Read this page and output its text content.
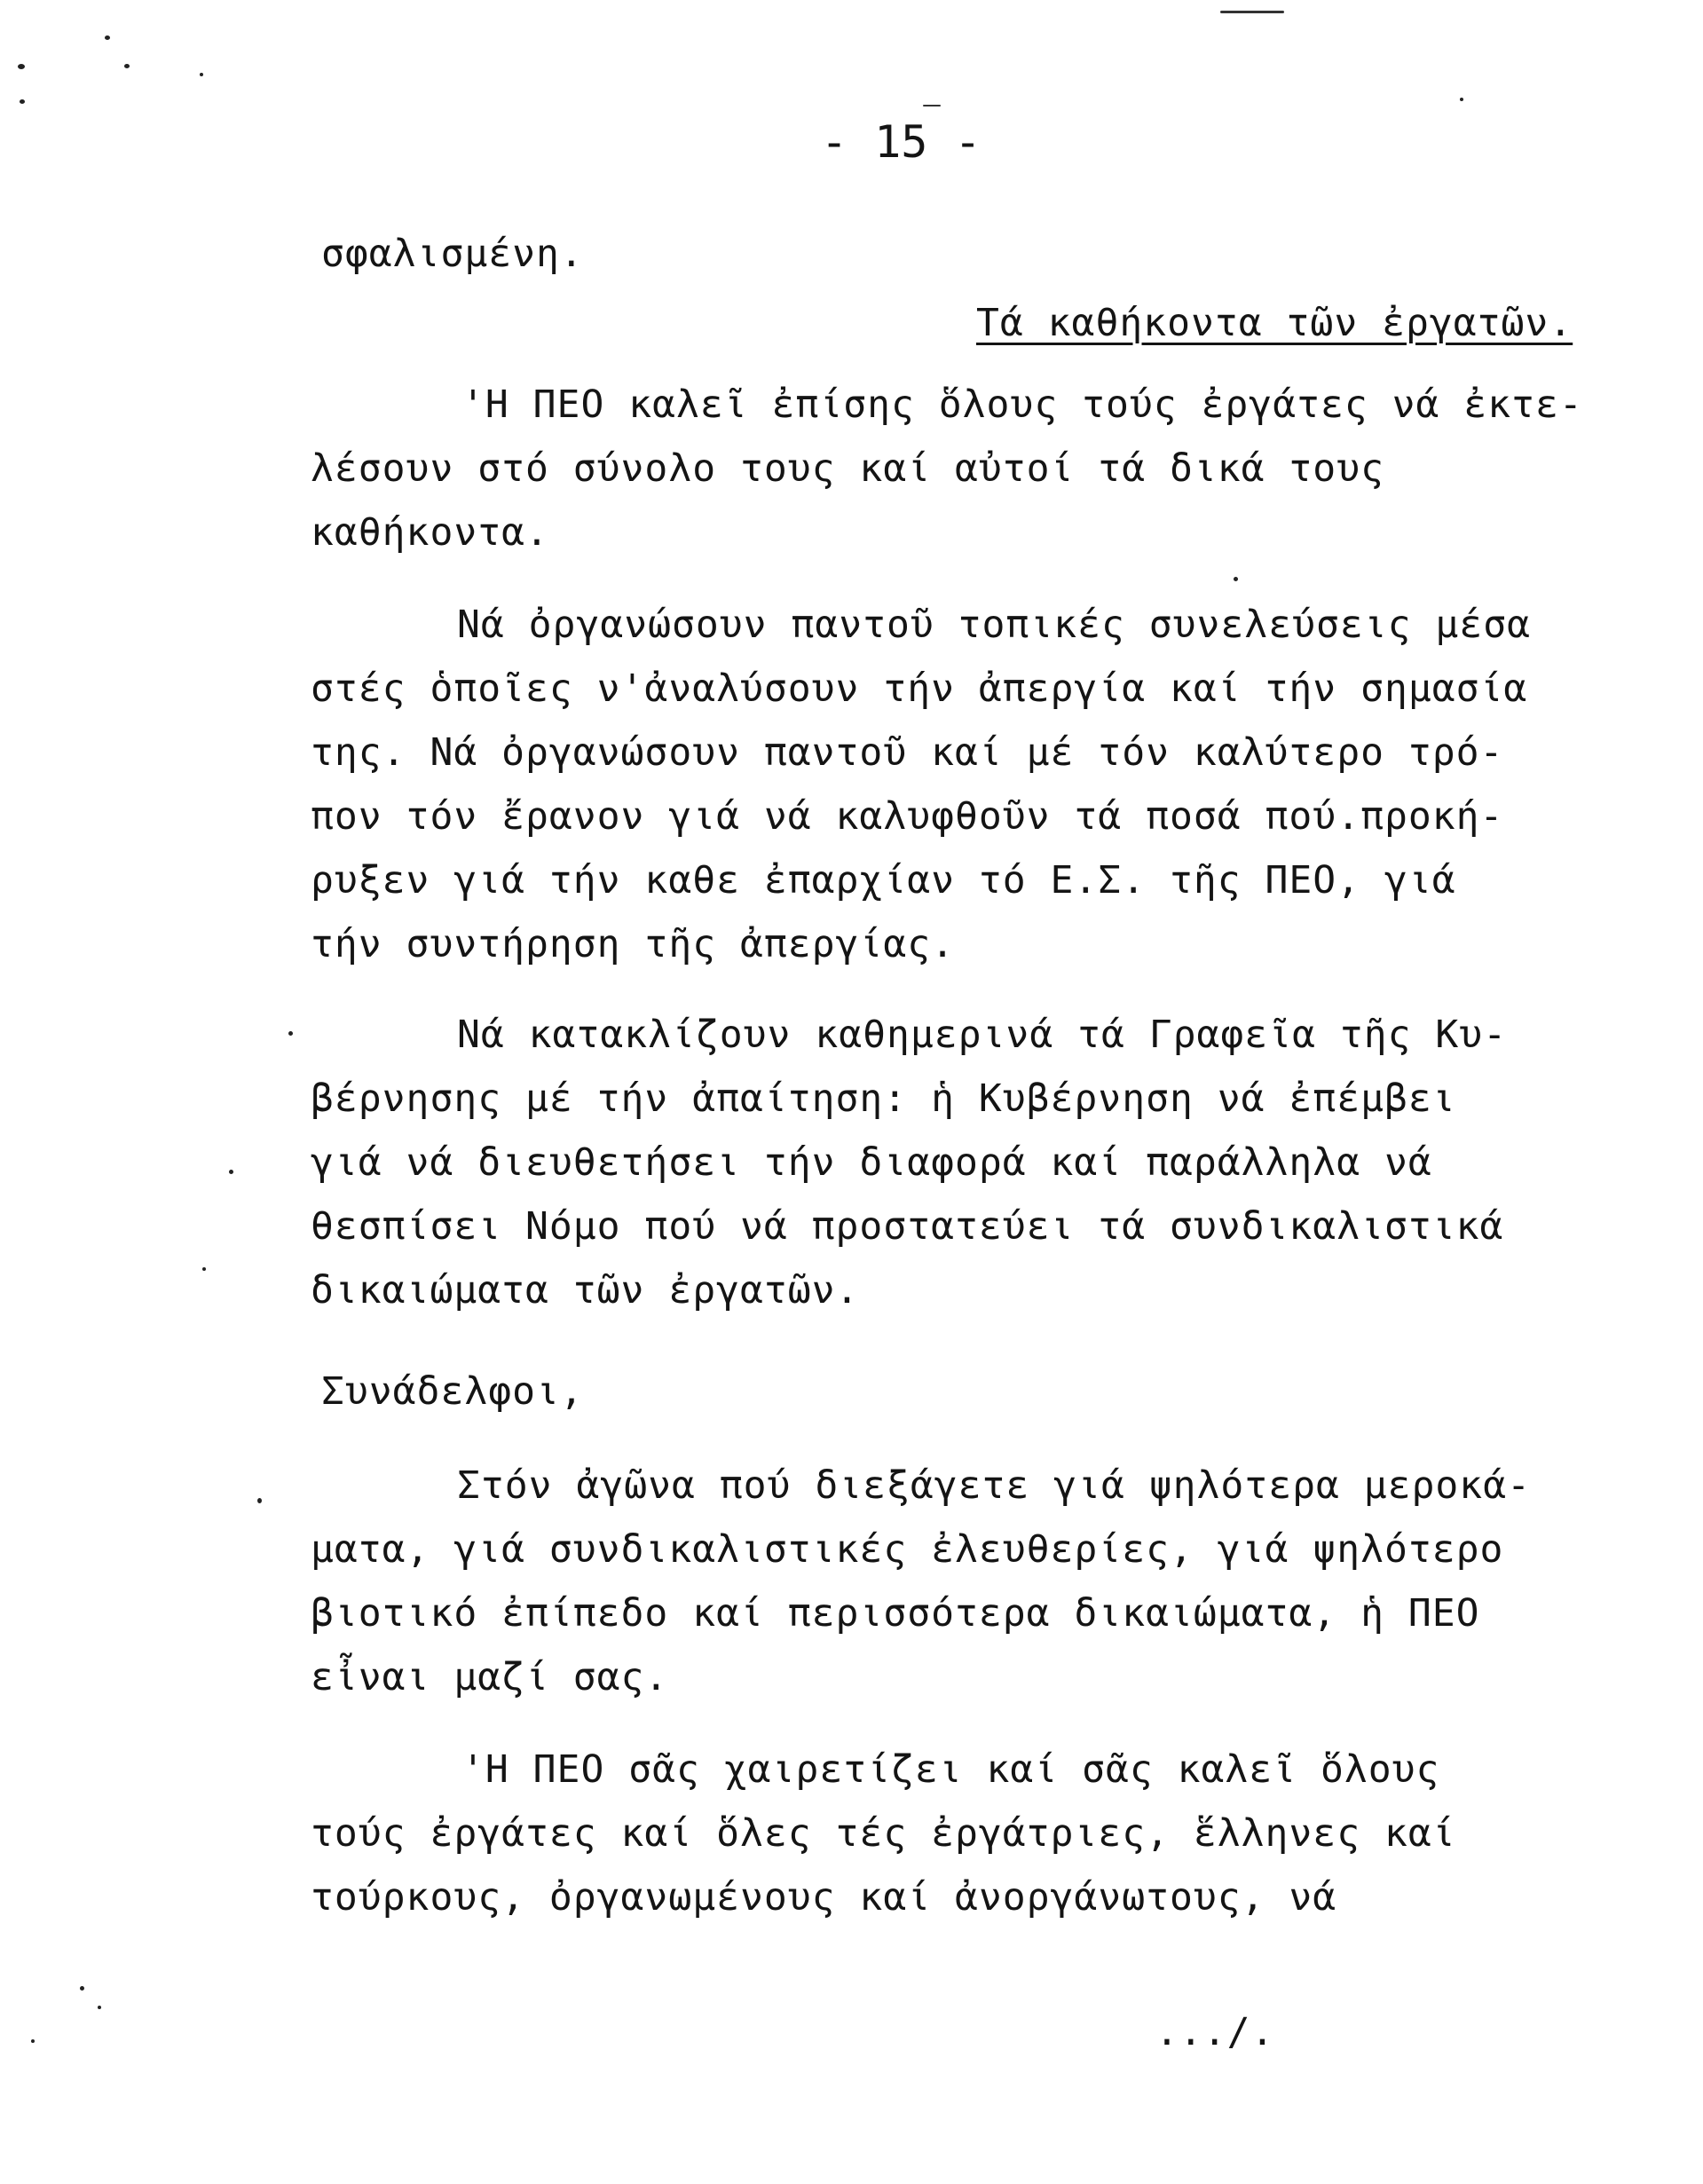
- 15 -
σφαλισμένη.
Τά καθήκοντα τῶν ἐργατῶν.
'Η ΠΕΟ καλεῖ ἐπίσης ὅλους τούς ἐργάτες νά ἐκτε-
λέσουν στό σύνολο τους καί αὐτοί τά δικά τους
καθήκοντα.
Νά ὀργανώσουν παντοῦ τοπικές συνελεύσεις μέσα
στές ὁποῖες ν'ἀναλύσουν τήν ἀπεργία καί τήν σημασία
της. Νά ὀργανώσουν παντοῦ καί μέ τόν καλύτερο τρό-
πον τόν ἔρανον γιά νά καλυφθοῦν τά ποσά πού.προκή-
ρυξεν γιά τήν καθε ἐπαρχίαν τό Ε.Σ. τῆς ΠΕΟ, γιά
τήν συντήρηση τῆς ἀπεργίας.
Νά κατακλίζουν καθημερινά τά Γραφεῖα τῆς Κυ-
βέρνησης μέ τήν ἀπαίτηση: ἡ Κυβέρνηση νά ἐπέμβει
γιά νά διευθετήσει τήν διαφορά καί παράλληλα νά
θεσπίσει Νόμο πού νά προστατεύει τά συνδικαλιστικά
δικαιώματα τῶν ἐργατῶν.
Συνάδελφοι,
Στόν ἀγῶνα πού διεξάγετε γιά ψηλότερα μεροκά-
ματα, γιά συνδικαλιστικές ἐλευθερίες, γιά ψηλότερο
βιοτικό ἐπίπεδο καί περισσότερα δικαιώματα, ἡ ΠΕΟ
εἶναι μαζί σας.
'Η ΠΕΟ σᾶς χαιρετίζει καί σᾶς καλεῖ ὅλους
τούς ἐργάτες καί ὅλες τές ἐργάτριες, ἕλληνες καί
τούρκους, ὀργανωμένους καί ἀνοργάνωτους, νά
.../.
